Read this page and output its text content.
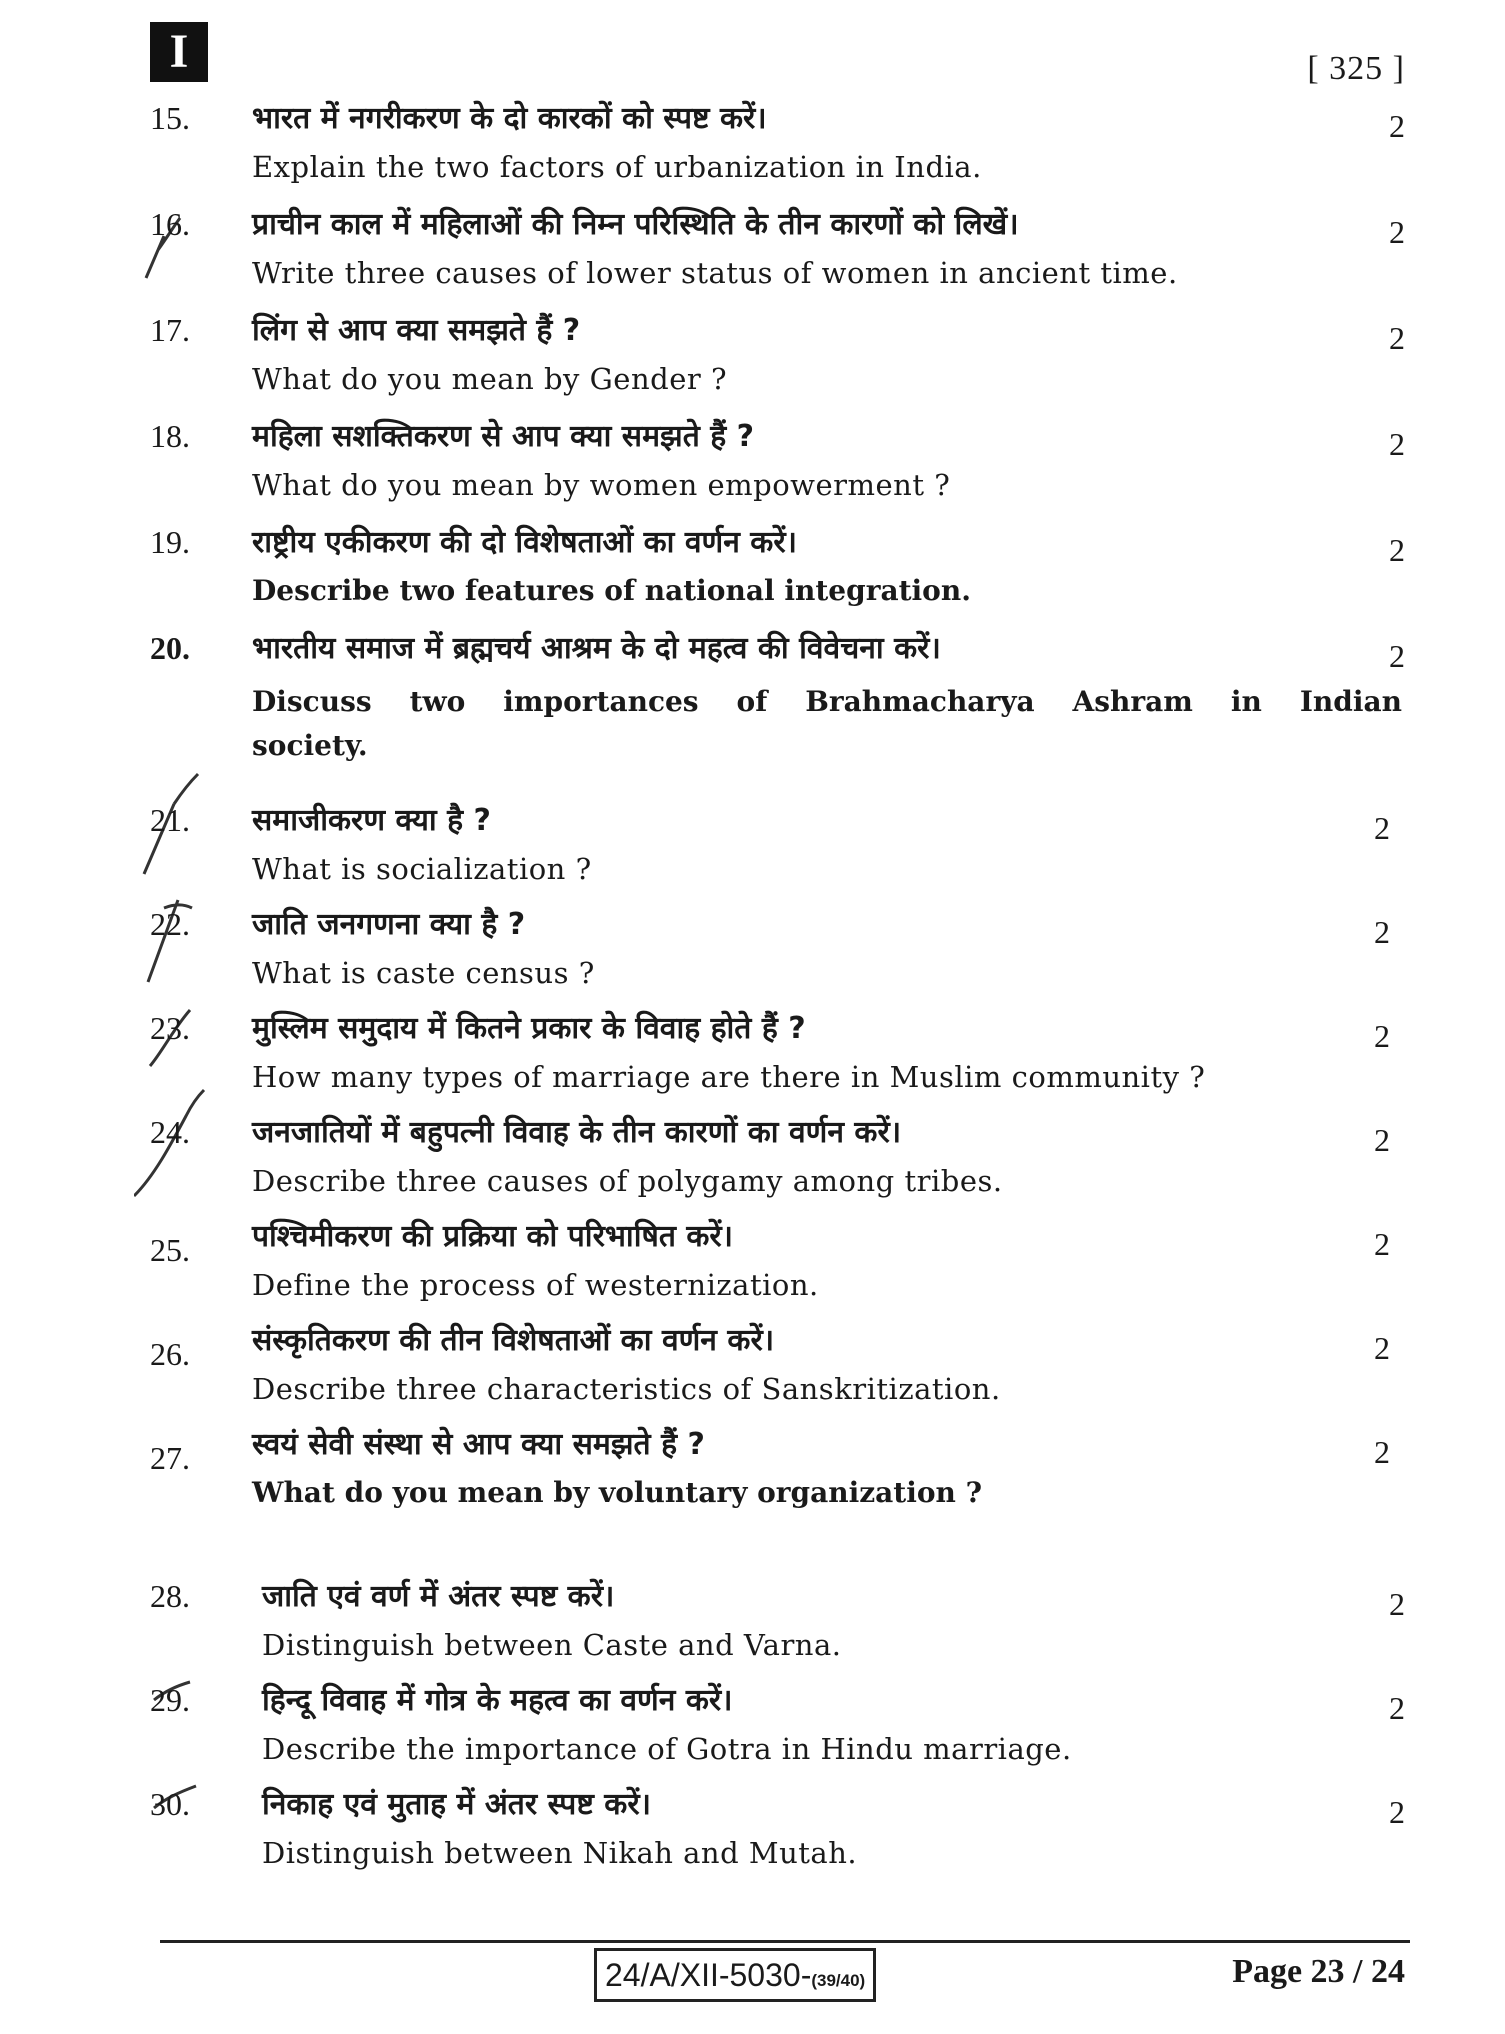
I	[ 325 ]
15. भारत में नगरीकरण के दो कारकों को स्पष्ट करें।
Explain the two factors of urbanization in India.
2
16. प्राचीन काल में महिलाओं की निम्न परिस्थिति के तीन कारणों को लिखें।
Write three causes of lower status of women in ancient time.
2
17. लिंग से आप क्या समझते हैं ?
What do you mean by Gender ?
2
18. महिला सशक्तिकरण से आप क्या समझते हैं ?
What do you mean by women empowerment ?
2
19. राष्ट्रीय एकीकरण की दो विशेषताओं का वर्णन करें।
Describe two features of national integration.
2
20. भारतीय समाज में ब्रह्मचर्य आश्रम के दो महत्व की विवेचना करें।
Discuss two importances of Brahmacharya Ashram in Indian society.
2
21. समाजीकरण क्या है ?
What is socialization ?
2
22. जाति जनगणना क्या है ?
What is caste census ?
2
23. मुस्लिम समुदाय में कितने प्रकार के विवाह होते हैं ?
How many types of marriage are there in Muslim community ?
2
24. जनजातियों में बहुपत्नी विवाह के तीन कारणों का वर्णन करें।
Describe three causes of polygamy among tribes.
2
25. पश्चिमीकरण की प्रक्रिया को परिभाषित करें।
Define the process of westernization.
2
26. संस्कृतिकरण की तीन विशेषताओं का वर्णन करें।
Describe three characteristics of Sanskritization.
2
27. स्वयं सेवी संस्था से आप क्या समझते हैं ?
What do you mean by voluntary organization ?
2
28. जाति एवं वर्ण में अंतर स्पष्ट करें।
Distinguish between Caste and Varna.
2
29. हिन्दू विवाह में गोत्र के महत्व का वर्णन करें।
Describe the importance of Gotra in Hindu marriage.
2
30. निकाह एवं मुताह में अंतर स्पष्ट करें।
Distinguish between Nikah and Mutah.
2
24/A/XII-5030-(39/40)	Page 23 / 24
